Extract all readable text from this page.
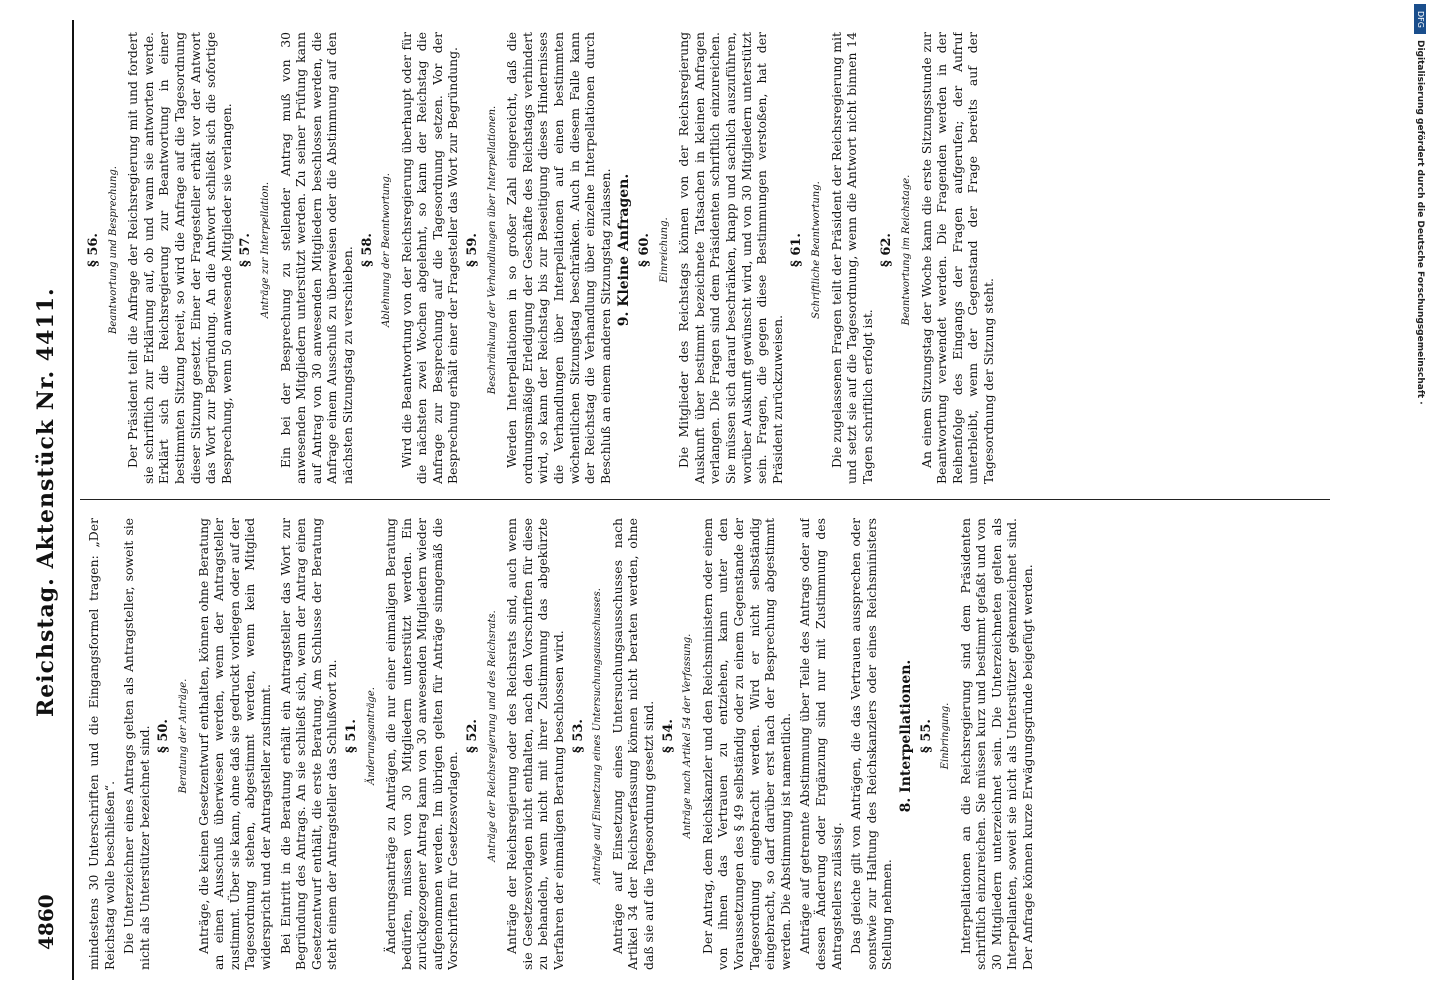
4860
Reichstag. Aktenstück Nr. 4411.

mindestens 30 Unterschriften und die Eingangsformel tragen: „Der Reichstag wolle beschließen“. Die Unterzeichner eines Antrags gelten als Antragsteller, soweit sie nicht als Unterstützer bezeichnet sind. § 50. Beratung der Anträge. Anträge, die keinen Gesetzentwurf enthalten, können ohne Beratung an einen Ausschuß überwiesen werden, wenn der Antragsteller zustimmt. Über sie kann, ohne daß sie gedruckt vorliegen oder auf der Tagesordnung stehen, abgestimmt werden, wenn kein Mitglied widerspricht und der Antragsteller zustimmt. Bei Eintritt in die Beratung erhält ein Antragsteller das Wort zur Begründung des Antrags. An sie schließt sich, wenn der Antrag einen Gesetzentwurf enthält, die erste Beratung. Am Schlusse der Beratung steht einem der Antragsteller das Schlußwort zu. § 51. Änderungsanträge. Änderungsanträge zu Anträgen, die nur einer einmaligen Beratung bedürfen, müssen von 30 Mitgliedern unterstützt werden. Ein zurückgezogener Antrag kann von 30 anwesenden Mitgliedern wieder aufgenommen werden. Im übrigen gelten für Anträge sinngemäß die Vorschriften für Gesetzesvorlagen.

§ 52. Anträge der Reichsregierung und des Reichsrats. Anträge der Reichsregierung oder des Reichsrats sind, auch wenn sie Gesetzesvorlagen nicht enthalten, nach den Vorschriften für diese zu behandeln, wenn nicht mit ihrer Zustimmung das abgekürzte Verfahren der einmaligen Beratung beschlossen wird. § 53. Anträge auf Einsetzung eines Untersuchungsausschusses. Anträge auf Einsetzung eines Untersuchungsausschusses nach Artikel 34 der Reichsverfassung können nicht beraten werden, ohne daß sie auf die Tagesordnung gesetzt sind. § 54. Anträge nach Artikel 54 der Verfassung. Der Antrag, dem Reichskanzler und den Reichsministern oder einem von ihnen das Vertrauen zu entziehen, kann unter den Voraussetzungen des § 49 selbständig oder zu einem Gegenstande der Tagesordnung eingebracht werden. Wird er nicht selbständig eingebracht, so darf darüber erst nach der Besprechung abgestimmt werden. Die Abstimmung ist namentlich. Anträge auf getrennte Abstimmung über Teile des Antrags oder auf dessen Änderung oder Ergänzung sind nur mit Zustimmung des Antragstellers zulässig. Das gleiche gilt von Anträgen, die das Vertrauen aussprechen oder sonstwie zur Haltung des Reichskanzlers oder eines Reichsministers Stellung nehmen.

8. Interpellationen. § 55. Einbringung. Interpellationen an die Reichsregierung sind dem Präsidenten schriftlich einzureichen. Sie müssen kurz und bestimmt gefaßt und von 30 Mitgliedern unterzeichnet sein. Die Unterzeichneten gelten als Interpellanten, soweit sie nicht als Unterstützer gekennzeichnet sind. Der Anfrage können kurze Erwägungsgründe beigefügt werden.

§ 56. Beantwortung und Besprechung. Der Präsident teilt die Anfrage der Reichsregierung mit und fordert sie schriftlich zur Erklärung auf, ob und wann sie antworten werde. Erklärt sich die Reichsregierung zur Beantwortung in einer bestimmten Sitzung bereit, so wird die Anfrage auf die Tagesordnung dieser Sitzung gesetzt. Einer der Fragesteller erhält vor der Antwort das Wort zur Begründung. An die Antwort schließt sich die sofortige Besprechung, wenn 50 anwesende Mitglieder sie verlangen. § 57. Anträge zur Interpellation. Ein bei der Besprechung zu stellender Antrag muß von 30 anwesenden Mitgliedern unterstützt werden. Zu seiner Prüfung kann auf Antrag von 30 anwesenden Mitgliedern beschlossen werden, die Anfrage einem Ausschuß zu überweisen oder die Abstimmung auf den nächsten Sitzungstag zu verschieben. § 58. Ablehnung der Beantwortung. Wird die Beantwortung von der Reichsregierung überhaupt oder für die nächsten zwei Wochen abgelehnt, so kann der Reichstag die Anfrage zur Besprechung auf die Tagesordnung setzen. Vor der Besprechung erhält einer der Fragesteller das Wort zur Begründung. § 59. Beschränkung der Verhandlungen über Interpellationen. Werden Interpellationen in so großer Zahl eingereicht, daß die ordnungsmäßige Erledigung der Geschäfte des Reichstags verhindert wird, so kann der Reichstag bis zur Beseitigung dieses Hindernisses die Verhandlungen über Interpellationen auf einen bestimmten wöchentlichen Sitzungstag beschränken. Auch in diesem Falle kann der Reichstag die Verhandlung über einzelne Interpellationen durch Beschluß an einem anderen Sitzungstag zulassen. 9. Kleine Anfragen. § 60. Einreichung. Die Mitglieder des Reichstags können von der Reichsregierung Auskunft über bestimmt bezeichnete Tatsachen in kleinen Anfragen verlangen. Die Fragen sind dem Präsidenten schriftlich einzureichen. Sie müssen sich darauf beschränken, knapp und sachlich auszuführen, worüber Auskunft gewünscht wird, und von 30 Mitgliedern unterstützt sein. Fragen, die gegen diese Bestimmungen verstoßen, hat der Präsident zurückzuweisen.

§ 61. Schriftliche Beantwortung. Die zugelassenen Fragen teilt der Präsident der Reichsregierung mit und setzt sie auf die Tagesordnung, wenn die Antwort nicht binnen 14 Tagen schriftlich erfolgt ist.

§ 62. Beantwortung im Reichstage. An einem Sitzungstag der Woche kann die erste Sitzungsstunde zur Beantwortung verwendet werden. Die Fragenden werden in der Reihenfolge des Eingangs der Fragen aufgerufen; der Aufruf unterbleibt, wenn der Gegenstand der Frage bereits auf der Tagesordnung der Sitzung steht.

DFG
Digitalisierung gefördert durch die Deutsche Forschungsgemeinschaft ·
